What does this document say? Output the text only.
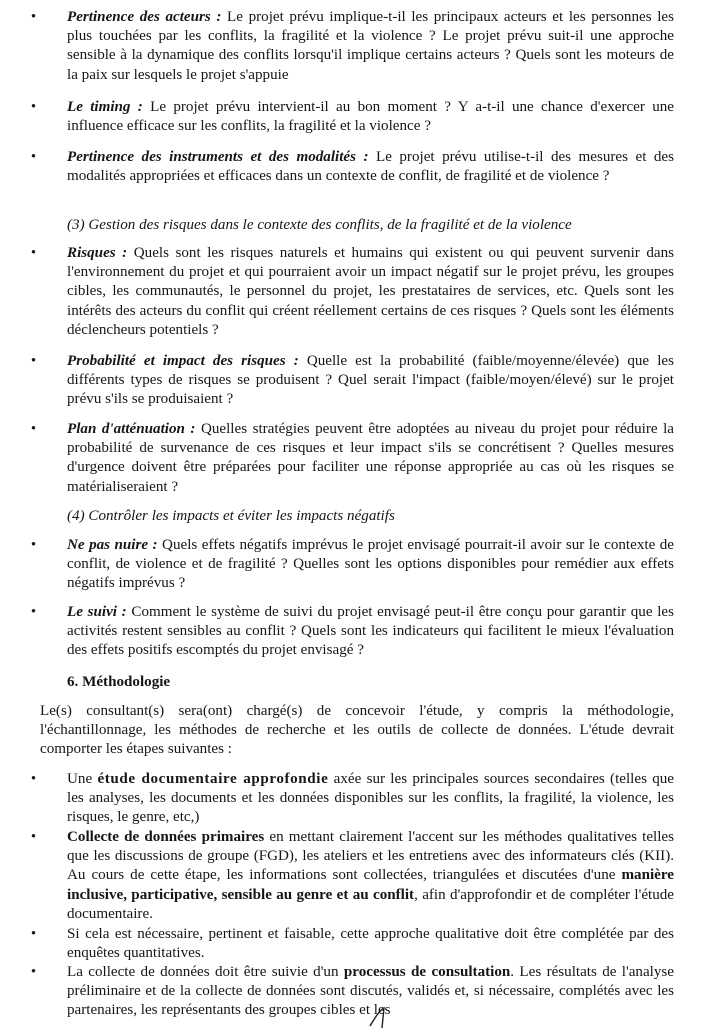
•	Pertinence des acteurs : Le projet prévu implique-t-il les principaux acteurs et les personnes les plus touchées par les conflits, la fragilité et la violence ? Le projet prévu suit-il une approche sensible à la dynamique des conflits lorsqu'il implique certains acteurs ? Quels sont les moteurs de la paix sur lesquels le projet s'appuie
•	Le timing : Le projet prévu intervient-il au bon moment ? Y a-t-il une chance d'exercer une influence efficace sur les conflits, la fragilité et la violence ?
•	Pertinence des instruments et des modalités : Le projet prévu utilise-t-il des mesures et des modalités appropriées et efficaces dans un contexte de conflit, de fragilité et de violence ?
(3) Gestion des risques dans le contexte des conflits, de la fragilité et de la violence
•	Risques : Quels sont les risques naturels et humains qui existent ou qui peuvent survenir dans l'environnement du projet et qui pourraient avoir un impact négatif sur le projet prévu, les groupes cibles, les communautés, le personnel du projet, les prestataires de services, etc. Quels sont les intérêts des acteurs du conflit qui créent réellement certains de ces risques ? Quels sont les éléments déclencheurs potentiels ?
•	Probabilité et impact des risques : Quelle est la probabilité (faible/moyenne/élevée) que les différents types de risques se produisent ? Quel serait l'impact (faible/moyen/élevé) sur le projet prévu s'ils se produisaient ?
•	Plan d'atténuation : Quelles stratégies peuvent être adoptées au niveau du projet pour réduire la probabilité de survenance de ces risques et leur impact s'ils se concrétisent ? Quelles mesures d'urgence doivent être préparées pour faciliter une réponse appropriée au cas où les risques se matérialiseraient ?
(4) Contrôler les impacts et éviter les impacts négatifs
•	Ne pas nuire : Quels effets négatifs imprévus le projet envisagé pourrait-il avoir sur le contexte de conflit, de violence et de fragilité ? Quelles sont les options disponibles pour remédier aux effets négatifs imprévus ?
•	Le suivi : Comment le système de suivi du projet envisagé peut-il être conçu pour garantir que les activités restent sensibles au conflit ? Quels sont les indicateurs qui facilitent le mieux l'évaluation des effets positifs escomptés du projet envisagé ?
6. Méthodologie
Le(s) consultant(s) sera(ont) chargé(s) de concevoir l'étude, y compris la méthodologie, l'échantillonnage, les méthodes de recherche et les outils de collecte de données. L'étude devrait comporter les étapes suivantes :
•	Une étude documentaire approfondie axée sur les principales sources secondaires (telles que les analyses, les documents et les données disponibles sur les conflits, la fragilité, la violence, les risques, le genre, etc,)
•	Collecte de données primaires en mettant clairement l'accent sur les méthodes qualitatives telles que les discussions de groupe (FGD), les ateliers et les entretiens avec des informateurs clés (KII). Au cours de cette étape, les informations sont collectées, triangulées et discutées d'une manière inclusive, participative, sensible au genre et au conflit, afin d'approfondir et de compléter l'étude documentaire.
•	Si cela est nécessaire, pertinent et faisable, cette approche qualitative doit être complétée par des enquêtes quantitatives.
•	La collecte de données doit être suivie d'un processus de consultation. Les résultats de l'analyse préliminaire et de la collecte de données sont discutés, validés et, si nécessaire, complétés avec les partenaires, les représentants des groupes cibles et les
